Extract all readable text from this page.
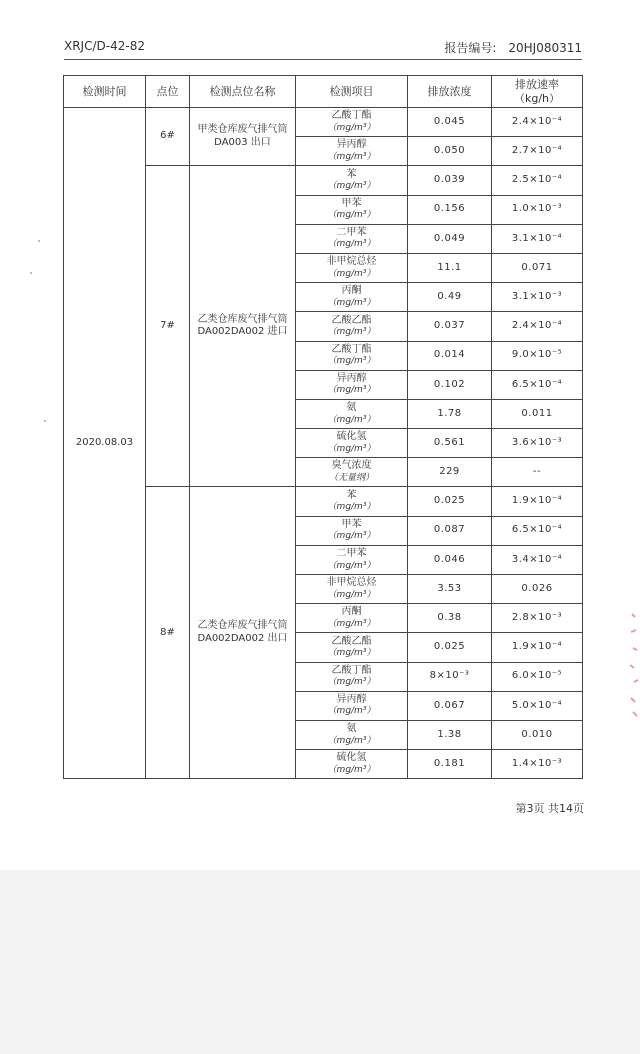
XRJC/D-42-82	报告编号: 20HJ080311
检测时间	点位	检测点位名称	检测项目	排放浓度	排放速率
（kg/h）
2020.08.03	6#	甲类仓库废气排气筒 DA003 出口	乙酸丁酯
（mg/m³）	0.045	2.4×10⁻⁴

			异丙醇
（mg/m³）	0.050	2.7×10⁻⁴
	7#	乙类仓库废气排气筒 DA002DA002 进口	苯
（mg/m³）	0.039	2.5×10⁻⁴

			甲苯
（mg/m³）	0.156	1.0×10⁻³

			二甲苯
（mg/m³）	0.049	3.1×10⁻⁴

			非甲烷总烃
（mg/m³）	11.1	0.071

			丙酮
（mg/m³）	0.49	3.1×10⁻³

			乙酸乙酯
（mg/m³）	0.037	2.4×10⁻⁴

			乙酸丁酯
（mg/m³）	0.014	9.0×10⁻⁵

			异丙醇
（mg/m³）	0.102	6.5×10⁻⁴

			氨
（mg/m³）	1.78	0.011

			硫化氢
（mg/m³）	0.561	3.6×10⁻³

			臭气浓度
（无量纲）	229	--
	8#	乙类仓库废气排气筒 DA002DA002 出口	苯
（mg/m³）	0.025	1.9×10⁻⁴

			甲苯
（mg/m³）	0.087	6.5×10⁻⁴

			二甲苯
（mg/m³）	0.046	3.4×10⁻⁴

			非甲烷总烃
（mg/m³）	3.53	0.026

			丙酮
（mg/m³）	0.38	2.8×10⁻³

			乙酸乙酯
（mg/m³）	0.025	1.9×10⁻⁴

			乙酸丁酯
（mg/m³）	8×10⁻³	6.0×10⁻⁵

			异丙醇
（mg/m³）	0.067	5.0×10⁻⁴

			氨
（mg/m³）	1.38	0.010

			硫化氢
（mg/m³）	0.181	1.4×10⁻³
第3页 共14页
